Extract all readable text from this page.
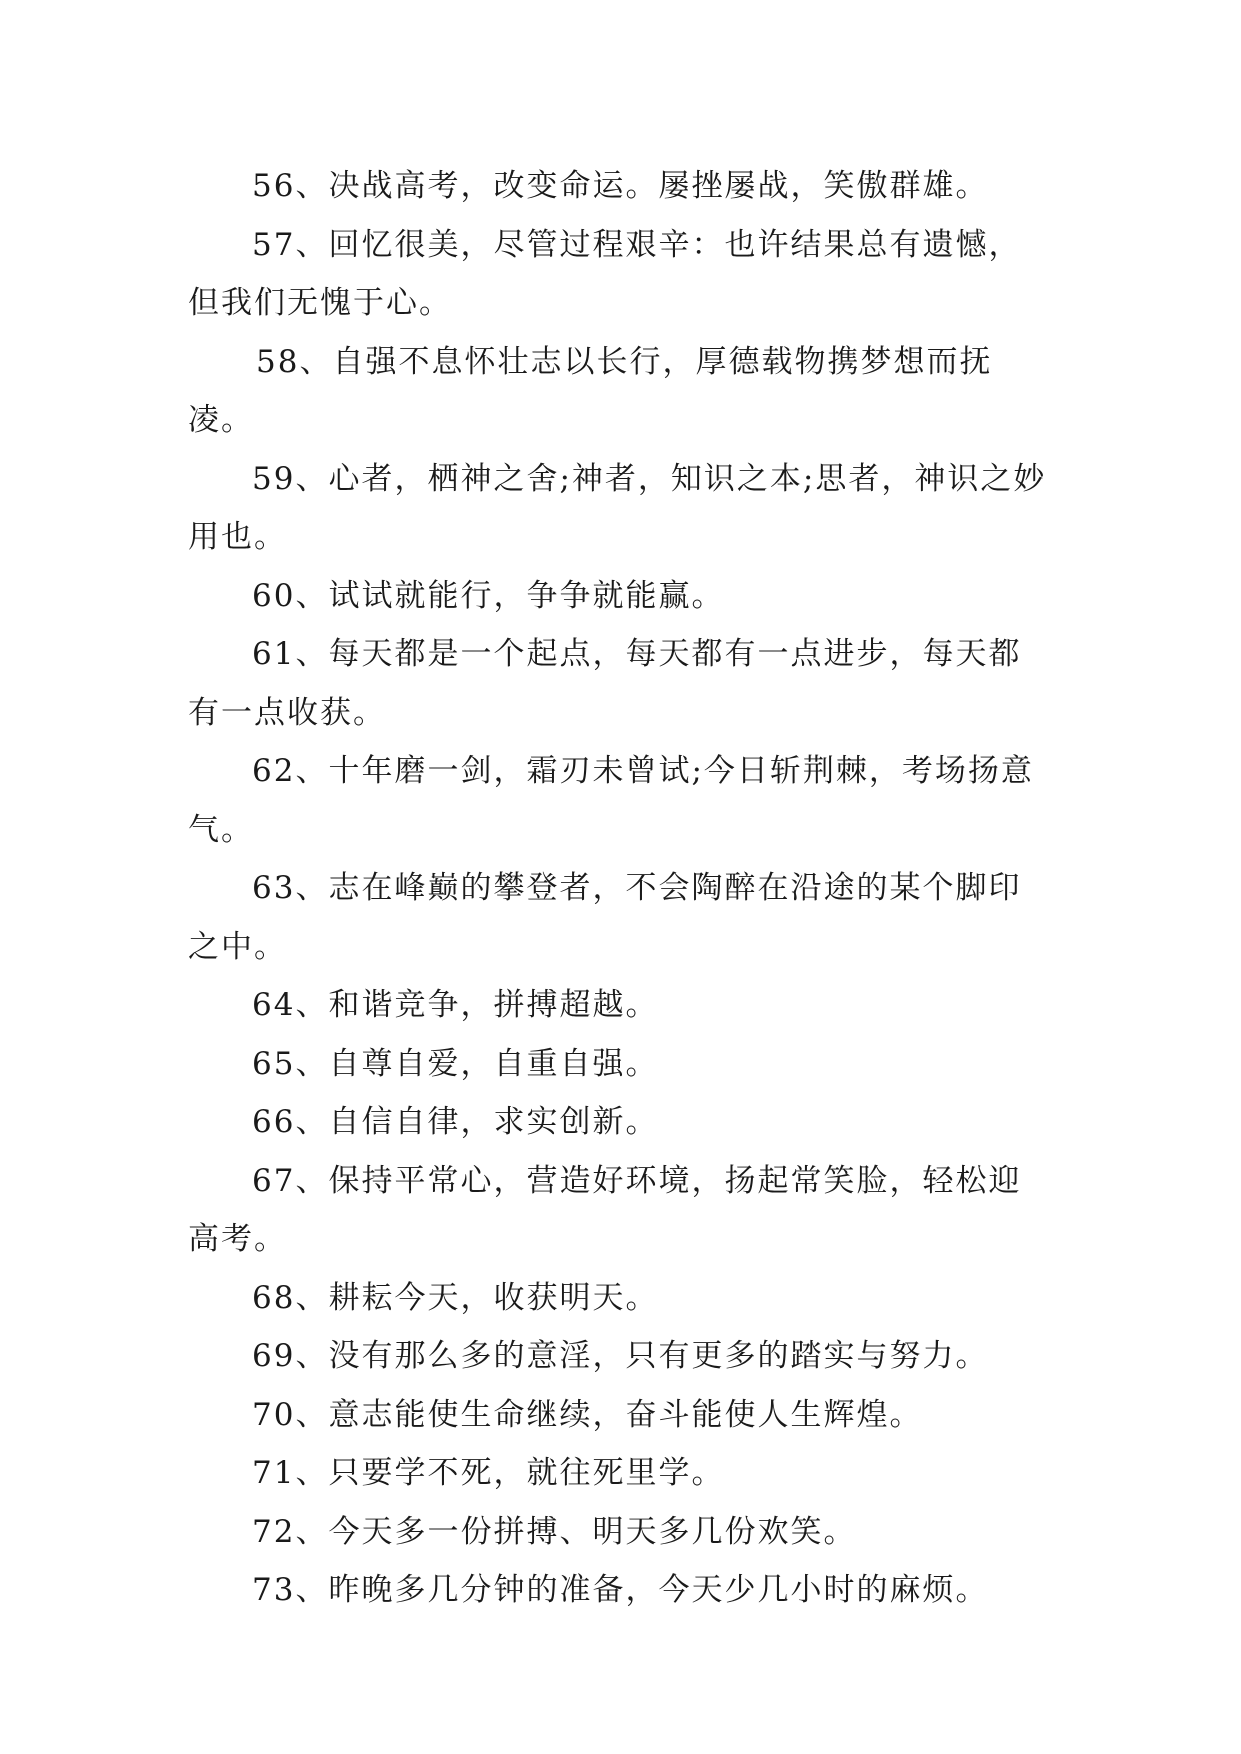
56、决战高考，改变命运。屡挫屡战，笑傲群雄。

57、回忆很美，尽管过程艰辛：也许结果总有遗憾，但我们无愧于心。

58、自强不息怀壮志以长行，厚德载物携梦想而抚凌。

59、心者，栖神之舍;神者，知识之本;思者，神识之妙用也。

60、试试就能行，争争就能赢。

61、每天都是一个起点，每天都有一点进步，每天都有一点收获。

62、十年磨一剑，霜刃未曾试;今日斩荆棘，考场扬意气。

63、志在峰巅的攀登者，不会陶醉在沿途的某个脚印之中。

64、和谐竞争，拼搏超越。

65、自尊自爱，自重自强。

66、自信自律，求实创新。

67、保持平常心，营造好环境，扬起常笑脸，轻松迎高考。

68、耕耘今天，收获明天。

69、没有那么多的意淫，只有更多的踏实与努力。

70、意志能使生命继续，奋斗能使人生辉煌。

71、只要学不死，就往死里学。

72、今天多一份拼搏、明天多几份欢笑。

73、昨晚多几分钟的准备，今天少几小时的麻烦。
